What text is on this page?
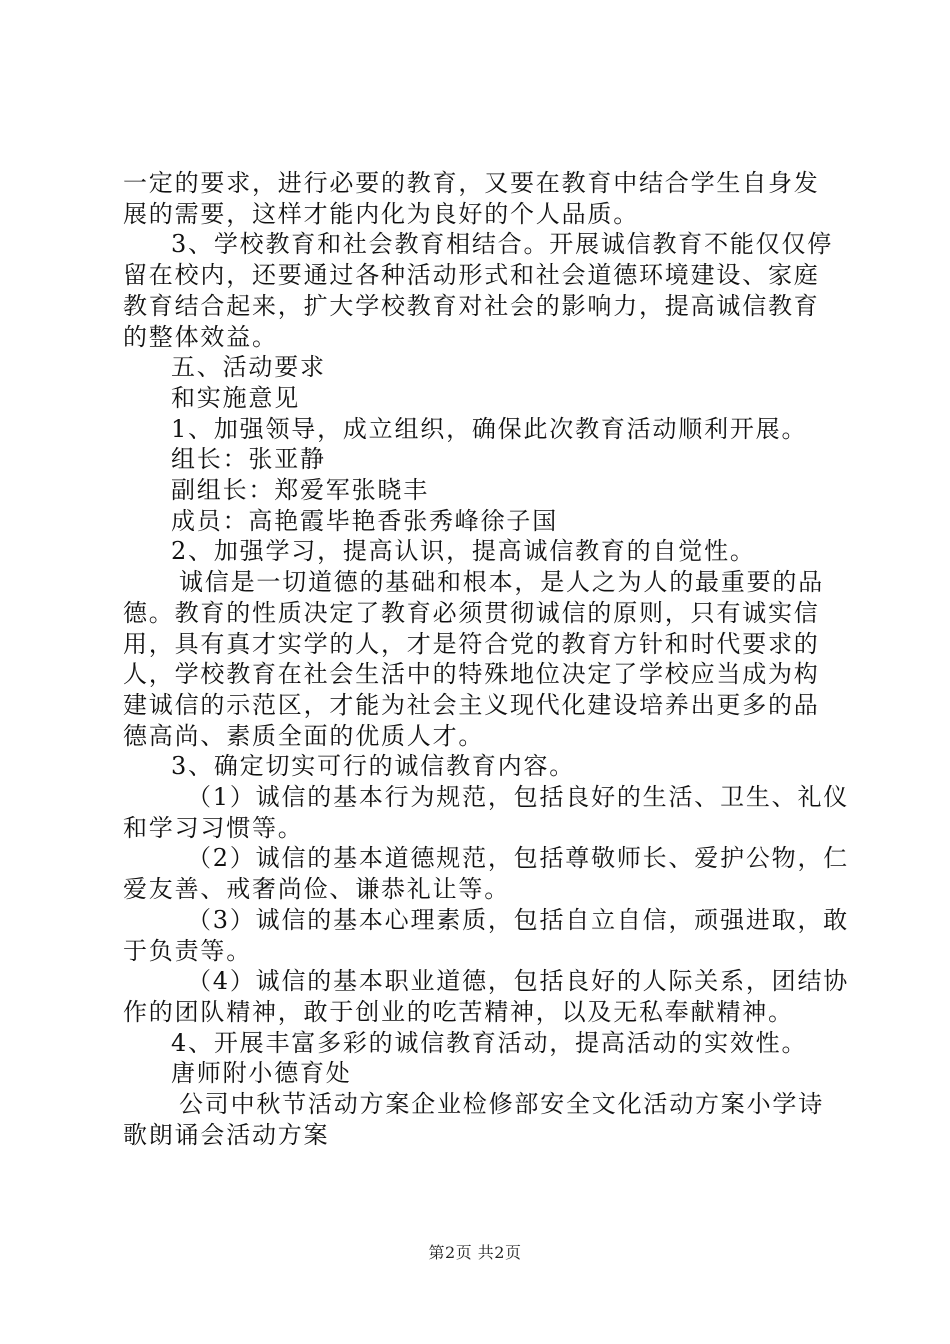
一定的要求，进行必要的教育，又要在教育中结合学生自身发

展的需要，这样才能内化为良好的个人品质。

3、学校教育和社会教育相结合。开展诚信教育不能仅仅停

留在校内，还要通过各种活动形式和社会道德环境建设、家庭

教育结合起来，扩大学校教育对社会的影响力，提高诚信教育

的整体效益。

五、活动要求

和实施意见

1、加强领导，成立组织，确保此次教育活动顺利开展。

组长：张亚静

副组长：郑爱军张晓丰

成员：高艳霞毕艳香张秀峰徐子国

2、加强学习，提高认识，提高诚信教育的自觉性。

诚信是一切道德的基础和根本，是人之为人的最重要的品

德。教育的性质决定了教育必须贯彻诚信的原则，只有诚实信

用，具有真才实学的人，才是符合党的教育方针和时代要求的

人，学校教育在社会生活中的特殊地位决定了学校应当成为构

建诚信的示范区，才能为社会主义现代化建设培养出更多的品

德高尚、素质全面的优质人才。

3、确定切实可行的诚信教育内容。

（1）诚信的基本行为规范，包括良好的生活、卫生、礼仪

和学习习惯等。

（2）诚信的基本道德规范，包括尊敬师长、爱护公物，仁

爱友善、戒奢尚俭、谦恭礼让等。

（3）诚信的基本心理素质，包括自立自信，顽强进取，敢

于负责等。

（4）诚信的基本职业道德，包括良好的人际关系，团结协

作的团队精神，敢于创业的吃苦精神，以及无私奉献精神。

4、开展丰富多彩的诚信教育活动，提高活动的实效性。

唐师附小德育处

公司中秋节活动方案企业检修部安全文化活动方案小学诗

歌朗诵会活动方案

第2页 共2页
